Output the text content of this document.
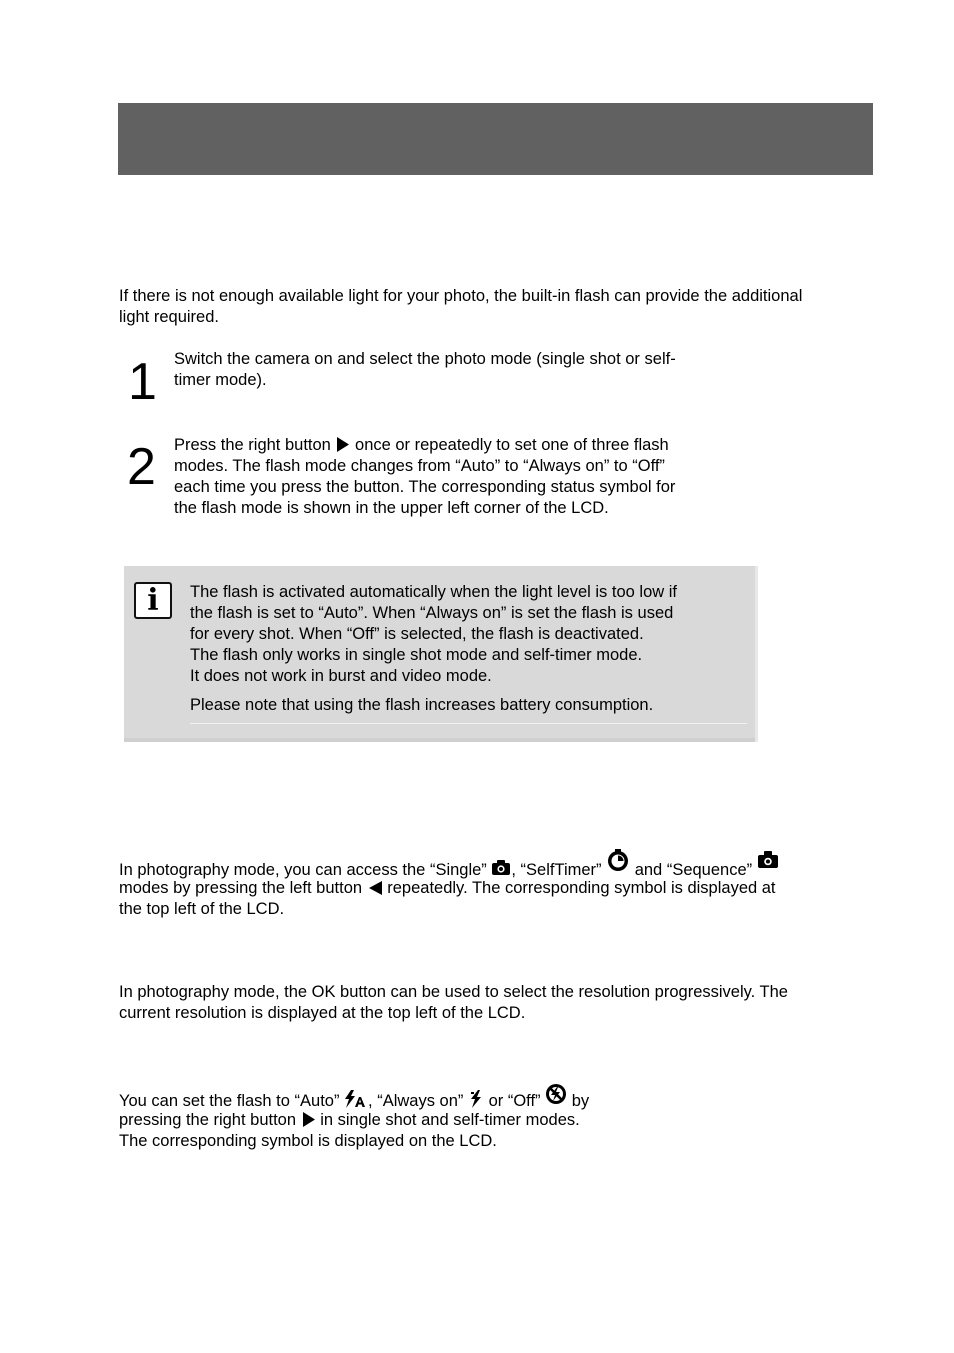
If there is not enough available light for your photo, the built-in flash can provide the additional
light required.
1 Switch the camera on and select the photo mode (single shot or self-
timer mode).
2 Press the right button
once or repeatedly to set one of three flash
modes. The flash mode changes from “Auto” to “Always on” to “Off”
each time you press the button. The corresponding status symbol for
the flash mode is shown in the upper left corner of the LCD.
i	The flash is activated automatically when the light level is too low if
the flash is set to “Auto”. When “Always on” is set the flash is used
for every shot. When “Off” is selected, the flash is deactivated.
The flash only works in single shot mode and self-timer mode.
It does not work in burst and video mode.
Please note that using the flash increases battery consumption.
In photography mode, you can access the “Single”
, “SelfTimer”
and “Sequence”
modes by pressing the left button
repeatedly. The corresponding symbol is displayed at
the top left of the LCD.
In photography mode, the OK button can be used to select the resolution progressively. The
current resolution is displayed at the top left of the LCD.
You can set the flash to “Auto”
, “Always on”
or “Off”
by
pressing the right button
in single shot and self-timer modes.
The corresponding symbol is displayed on the LCD.
